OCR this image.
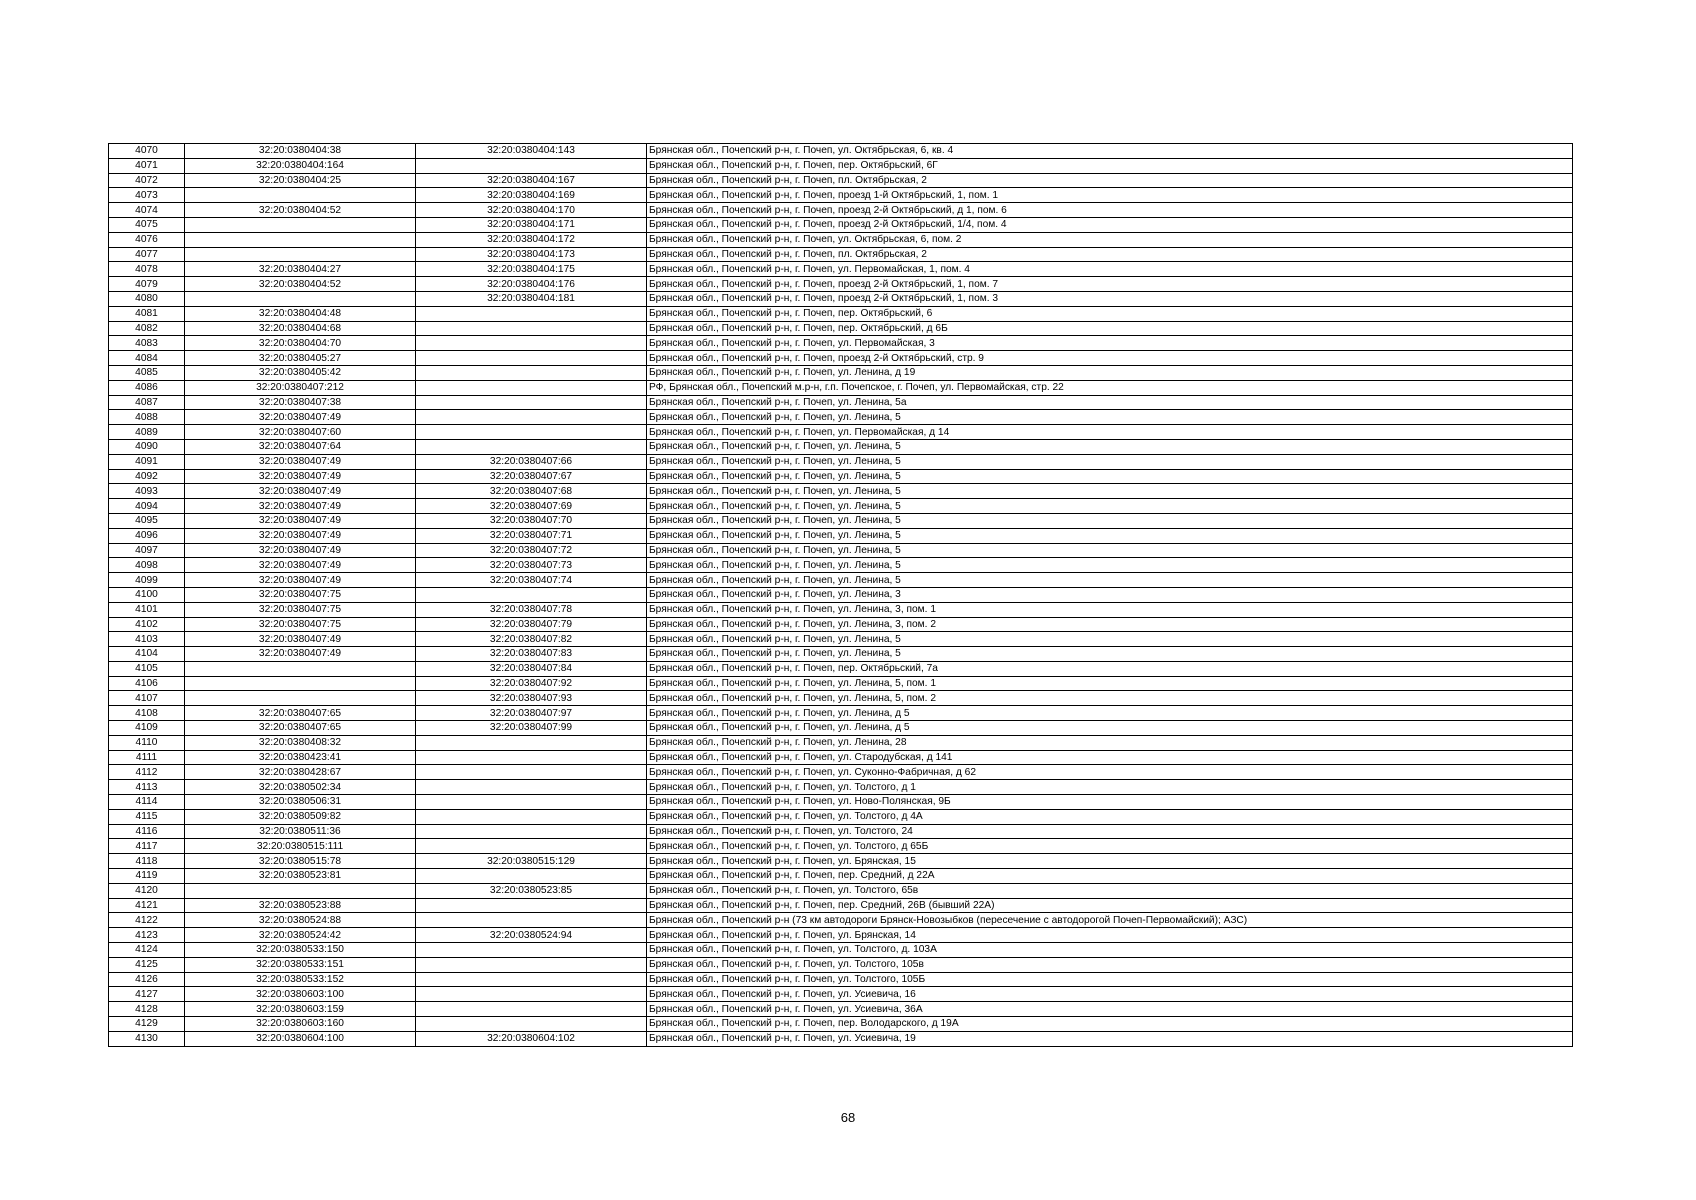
4070	32:20:0380404:38	32:20:0380404:143	Брянская обл., Почепский р-н, г. Почеп, ул. Октябрьская, 6, кв. 4
4071	32:20:0380404:164		Брянская обл., Почепский р-н, г. Почеп, пер. Октябрьский, 6Г
4072	32:20:0380404:25	32:20:0380404:167	Брянская обл., Почепский р-н, г. Почеп, пл. Октябрьская, 2
4073		32:20:0380404:169	Брянская обл., Почепский р-н, г. Почеп, проезд 1-й Октябрьский, 1, пом. 1
4074	32:20:0380404:52	32:20:0380404:170	Брянская обл., Почепский р-н, г. Почеп, проезд 2-й Октябрьский, д 1, пом. 6
4075		32:20:0380404:171	Брянская обл., Почепский р-н, г. Почеп, проезд 2-й Октябрьский, 1/4, пом. 4
4076		32:20:0380404:172	Брянская обл., Почепский р-н, г. Почеп, ул. Октябрьская, 6, пом. 2
4077		32:20:0380404:173	Брянская обл., Почепский р-н, г. Почеп, пл. Октябрьская, 2
4078	32:20:0380404:27	32:20:0380404:175	Брянская обл., Почепский р-н, г. Почеп, ул. Первомайская, 1, пом. 4
4079	32:20:0380404:52	32:20:0380404:176	Брянская обл., Почепский р-н, г. Почеп, проезд 2-й Октябрьский, 1, пом. 7
4080		32:20:0380404:181	Брянская обл., Почепский р-н, г. Почеп, проезд 2-й Октябрьский, 1, пом. 3
4081	32:20:0380404:48		Брянская обл., Почепский р-н, г. Почеп, пер. Октябрьский, 6
4082	32:20:0380404:68		Брянская обл., Почепский р-н, г. Почеп, пер. Октябрьский, д 6Б
4083	32:20:0380404:70		Брянская обл., Почепский р-н, г. Почеп, ул. Первомайская, 3
4084	32:20:0380405:27		Брянская обл., Почепский р-н, г. Почеп, проезд 2-й Октябрьский, стр. 9
4085	32:20:0380405:42		Брянская обл., Почепский р-н, г. Почеп, ул. Ленина, д 19
4086	32:20:0380407:212		РФ, Брянская обл., Почепский м.р-н, г.п. Почепское, г. Почеп, ул. Первомайская, стр. 22
4087	32:20:0380407:38		Брянская обл., Почепский р-н, г. Почеп, ул. Ленина, 5а
4088	32:20:0380407:49		Брянская обл., Почепский р-н, г. Почеп, ул. Ленина, 5
4089	32:20:0380407:60		Брянская обл., Почепский р-н, г. Почеп, ул. Первомайская, д 14
4090	32:20:0380407:64		Брянская обл., Почепский р-н, г. Почеп, ул. Ленина, 5
4091	32:20:0380407:49	32:20:0380407:66	Брянская обл., Почепский р-н, г. Почеп, ул. Ленина, 5
4092	32:20:0380407:49	32:20:0380407:67	Брянская обл., Почепский р-н, г. Почеп, ул. Ленина, 5
4093	32:20:0380407:49	32:20:0380407:68	Брянская обл., Почепский р-н, г. Почеп, ул. Ленина, 5
4094	32:20:0380407:49	32:20:0380407:69	Брянская обл., Почепский р-н, г. Почеп, ул. Ленина, 5
4095	32:20:0380407:49	32:20:0380407:70	Брянская обл., Почепский р-н, г. Почеп, ул. Ленина, 5
4096	32:20:0380407:49	32:20:0380407:71	Брянская обл., Почепский р-н, г. Почеп, ул. Ленина, 5
4097	32:20:0380407:49	32:20:0380407:72	Брянская обл., Почепский р-н, г. Почеп, ул. Ленина, 5
4098	32:20:0380407:49	32:20:0380407:73	Брянская обл., Почепский р-н, г. Почеп, ул. Ленина, 5
4099	32:20:0380407:49	32:20:0380407:74	Брянская обл., Почепский р-н, г. Почеп, ул. Ленина, 5
4100	32:20:0380407:75		Брянская обл., Почепский р-н, г. Почеп, ул. Ленина, 3
4101	32:20:0380407:75	32:20:0380407:78	Брянская обл., Почепский р-н, г. Почеп, ул. Ленина, 3, пом. 1
4102	32:20:0380407:75	32:20:0380407:79	Брянская обл., Почепский р-н, г. Почеп, ул. Ленина, 3, пом. 2
4103	32:20:0380407:49	32:20:0380407:82	Брянская обл., Почепский р-н, г. Почеп, ул. Ленина, 5
4104	32:20:0380407:49	32:20:0380407:83	Брянская обл., Почепский р-н, г. Почеп, ул. Ленина, 5
4105		32:20:0380407:84	Брянская обл., Почепский р-н, г. Почеп, пер. Октябрьский, 7а
4106		32:20:0380407:92	Брянская обл., Почепский р-н, г. Почеп, ул. Ленина, 5, пом. 1
4107		32:20:0380407:93	Брянская обл., Почепский р-н, г. Почеп, ул. Ленина, 5, пом. 2
4108	32:20:0380407:65	32:20:0380407:97	Брянская обл., Почепский р-н, г. Почеп, ул. Ленина, д 5
4109	32:20:0380407:65	32:20:0380407:99	Брянская обл., Почепский р-н, г. Почеп, ул. Ленина, д 5
4110	32:20:0380408:32		Брянская обл., Почепский р-н, г. Почеп, ул. Ленина, 28
4111	32:20:0380423:41		Брянская обл., Почепский р-н, г. Почеп, ул. Стародубская, д 141
4112	32:20:0380428:67		Брянская обл., Почепский р-н, г. Почеп, ул. Суконно-Фабричная, д 62
4113	32:20:0380502:34		Брянская обл., Почепский р-н, г. Почеп, ул. Толстого, д 1
4114	32:20:0380506:31		Брянская обл., Почепский р-н, г. Почеп, ул. Ново-Полянская, 9Б
4115	32:20:0380509:82		Брянская обл., Почепский р-н, г. Почеп, ул. Толстого, д 4А
4116	32:20:0380511:36		Брянская обл., Почепский р-н, г. Почеп, ул. Толстого, 24
4117	32:20:0380515:111		Брянская обл., Почепский р-н, г. Почеп, ул. Толстого, д 65Б
4118	32:20:0380515:78	32:20:0380515:129	Брянская обл., Почепский р-н, г. Почеп, ул. Брянская, 15
4119	32:20:0380523:81		Брянская обл., Почепский р-н, г. Почеп, пер. Средний, д 22А
4120		32:20:0380523:85	Брянская обл., Почепский р-н, г. Почеп, ул. Толстого, 65в
4121	32:20:0380523:88		Брянская обл., Почепский р-н, г. Почеп, пер. Средний, 26В (бывший 22А)
4122	32:20:0380524:88		Брянская обл., Почепский р-н (73 км автодороги Брянск-Новозыбков (пересечение с автодорогой Почеп-Первомайский); АЗС)
4123	32:20:0380524:42	32:20:0380524:94	Брянская обл., Почепский р-н, г. Почеп, ул. Брянская, 14
4124	32:20:0380533:150		Брянская обл., Почепский р-н, г. Почеп, ул. Толстого, д. 103А
4125	32:20:0380533:151		Брянская обл., Почепский р-н, г. Почеп, ул. Толстого, 105в
4126	32:20:0380533:152		Брянская обл., Почепский р-н, г. Почеп, ул. Толстого, 105Б
4127	32:20:0380603:100		Брянская обл., Почепский р-н, г. Почеп, ул. Усиевича, 16
4128	32:20:0380603:159		Брянская обл., Почепский р-н, г. Почеп, ул. Усиевича, 36А
4129	32:20:0380603:160		Брянская обл., Почепский р-н, г. Почеп, пер. Володарского, д 19А
4130	32:20:0380604:100	32:20:0380604:102	Брянская обл., Почепский р-н, г. Почеп, ул. Усиевича, 19
68
